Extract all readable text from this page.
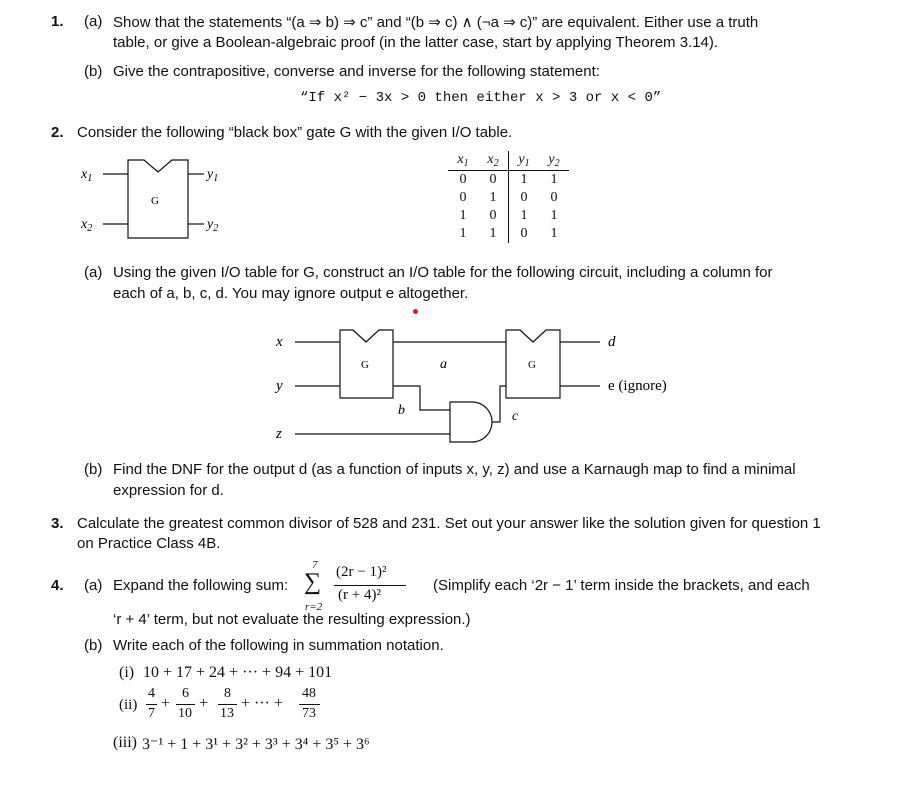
1. (a) Show that the statements “(a ⇒ b) ⇒ c” and “(b ⇒ c) ∧ (¬a ⇒ c)” are equivalent. Either use a truth
table, or give a Boolean-algebraic proof (in the latter case, start by applying Theorem 3.14).
(b) Give the contrapositive, converse and inverse for the following statement:
“If x² − 3x > 0 then either x > 3 or x < 0”
2. Consider the following “black box” gate G with the given I/O table.
$x_1$
$x_2$
G
$y_1$
$y_2$
$x_1$	$x_2$	$y_1$	$y_2$
0	0	1	1
0	1	0	0
1	0	1	1
1	1	0	1
(a) Using the given I/O table for G, construct an I/O table for the following circuit, including a column for
each of a, b, c, d. You may ignore output e altogether.
x
y
z
G	a
b	c
G
d
e (ignore)
(b) Find the DNF for the output d (as a function of inputs x, y, z) and use a Karnaugh map to find a minimal
expression for d.
3. Calculate the greatest common divisor of 528 and 231. Set out your answer like the solution given for question 1
on Practice Class 4B.
4. (a) Expand the following sum:
7
∑
r=2
(2r − 1)²
(r + 4)²
(Simplify each ‘2r − 1’ term inside the brackets, and each
‘r + 4’ term, but not evaluate the resulting expression.)
(b) Write each of the following in summation notation.
(i) 10 + 17 + 24 + ··· + 94 + 101
(ii)
4
7
+
6
10
+
8
13
+ ··· +
48
73
(iii) 3⁻¹ + 1 + 3¹ + 3² + 3³ + 3⁴ + 3⁵ + 3⁶
